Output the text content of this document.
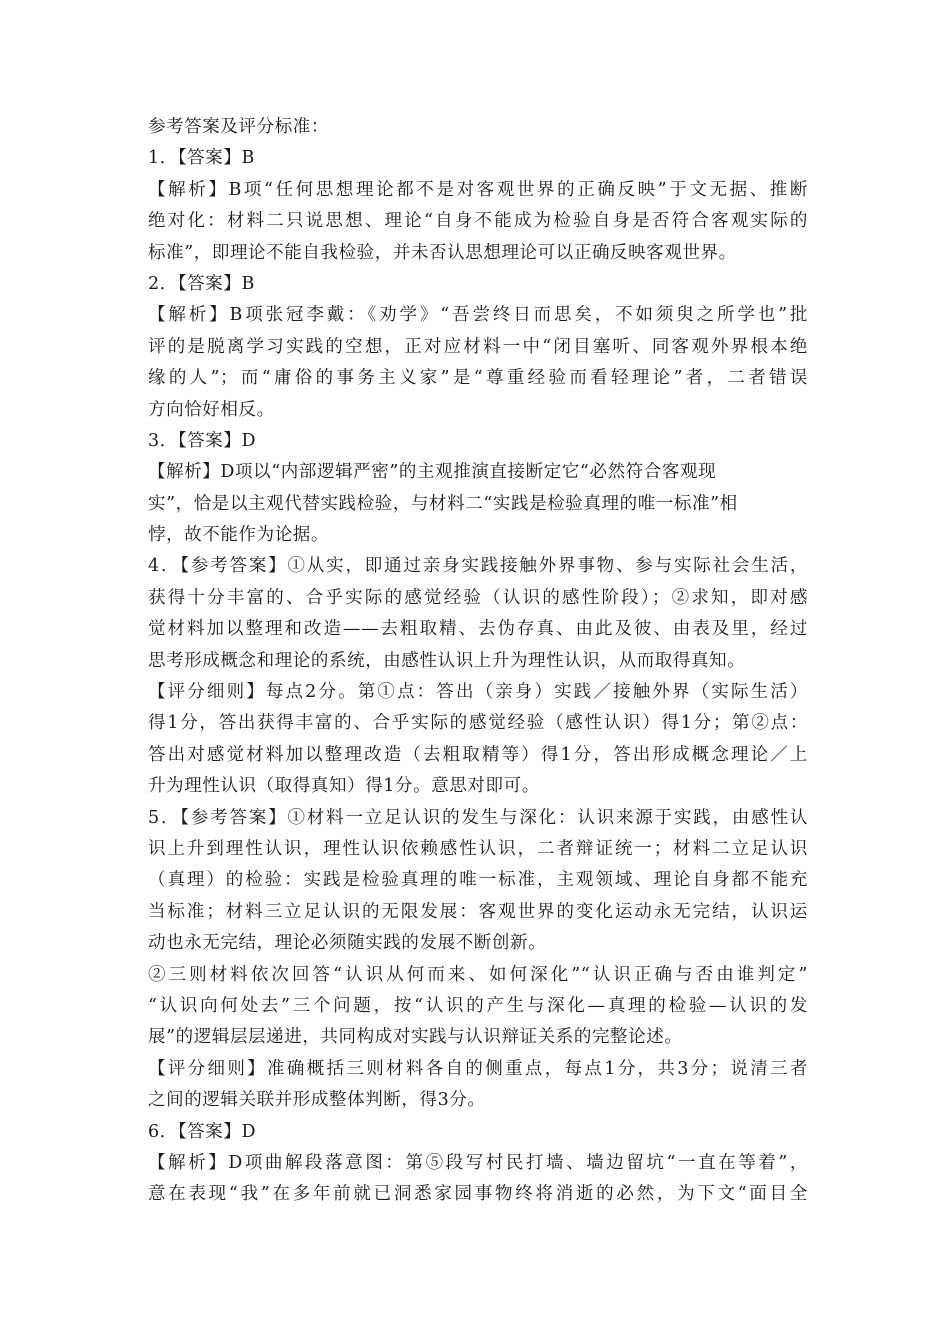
参考答案及评分标准：
1．【答案】B
【解析】B项“任何思想理论都不是对客观世界的正确反映”于文无据、推断
绝对化：材料二只说思想、理论“自身不能成为检验自身是否符合客观实际的
标准”，即理论不能自我检验，并未否认思想理论可以正确反映客观世界。
2．【答案】B
【解析】B项张冠李戴：《劝学》“吾尝终日而思矣，不如须臾之所学也”批
评的是脱离学习实践的空想，正对应材料一中“闭目塞听、同客观外界根本绝
缘的人”；而“庸俗的事务主义家”是“尊重经验而看轻理论”者，二者错误
方向恰好相反。
3．【答案】D
【解析】D项以“内部逻辑严密”的主观推演直接断定它“必然符合客观现
实”，恰是以主观代替实践检验，与材料二“实践是检验真理的唯一标准”相
悖，故不能作为论据。
4．【参考答案】①从实，即通过亲身实践接触外界事物、参与实际社会生活，
获得十分丰富的、合乎实际的感觉经验（认识的感性阶段）；②求知，即对感
觉材料加以整理和改造——去粗取精、去伪存真、由此及彼、由表及里，经过
思考形成概念和理论的系统，由感性认识上升为理性认识，从而取得真知。
【评分细则】每点2分。第①点：答出（亲身）实践／接触外界（实际生活）
得1分，答出获得丰富的、合乎实际的感觉经验（感性认识）得1分；第②点：
答出对感觉材料加以整理改造（去粗取精等）得1分，答出形成概念理论／上
升为理性认识（取得真知）得1分。意思对即可。
5．【参考答案】①材料一立足认识的发生与深化：认识来源于实践，由感性认
识上升到理性认识，理性认识依赖感性认识，二者辩证统一；材料二立足认识
（真理）的检验：实践是检验真理的唯一标准，主观领域、理论自身都不能充
当标准；材料三立足认识的无限发展：客观世界的变化运动永无完结，认识运
动也永无完结，理论必须随实践的发展不断创新。
②三则材料依次回答“认识从何而来、如何深化”“认识正确与否由谁判定”
“认识向何处去”三个问题，按“认识的产生与深化—真理的检验—认识的发
展”的逻辑层层递进，共同构成对实践与认识辩证关系的完整论述。
【评分细则】准确概括三则材料各自的侧重点，每点1分，共3分；说清三者
之间的逻辑关联并形成整体判断，得3分。
6．【答案】D
【解析】D项曲解段落意图：第⑤段写村民打墙、墙边留坑“一直在等着”，
意在表现“我”在多年前就已洞悉家园事物终将消逝的必然，为下文“面目全
